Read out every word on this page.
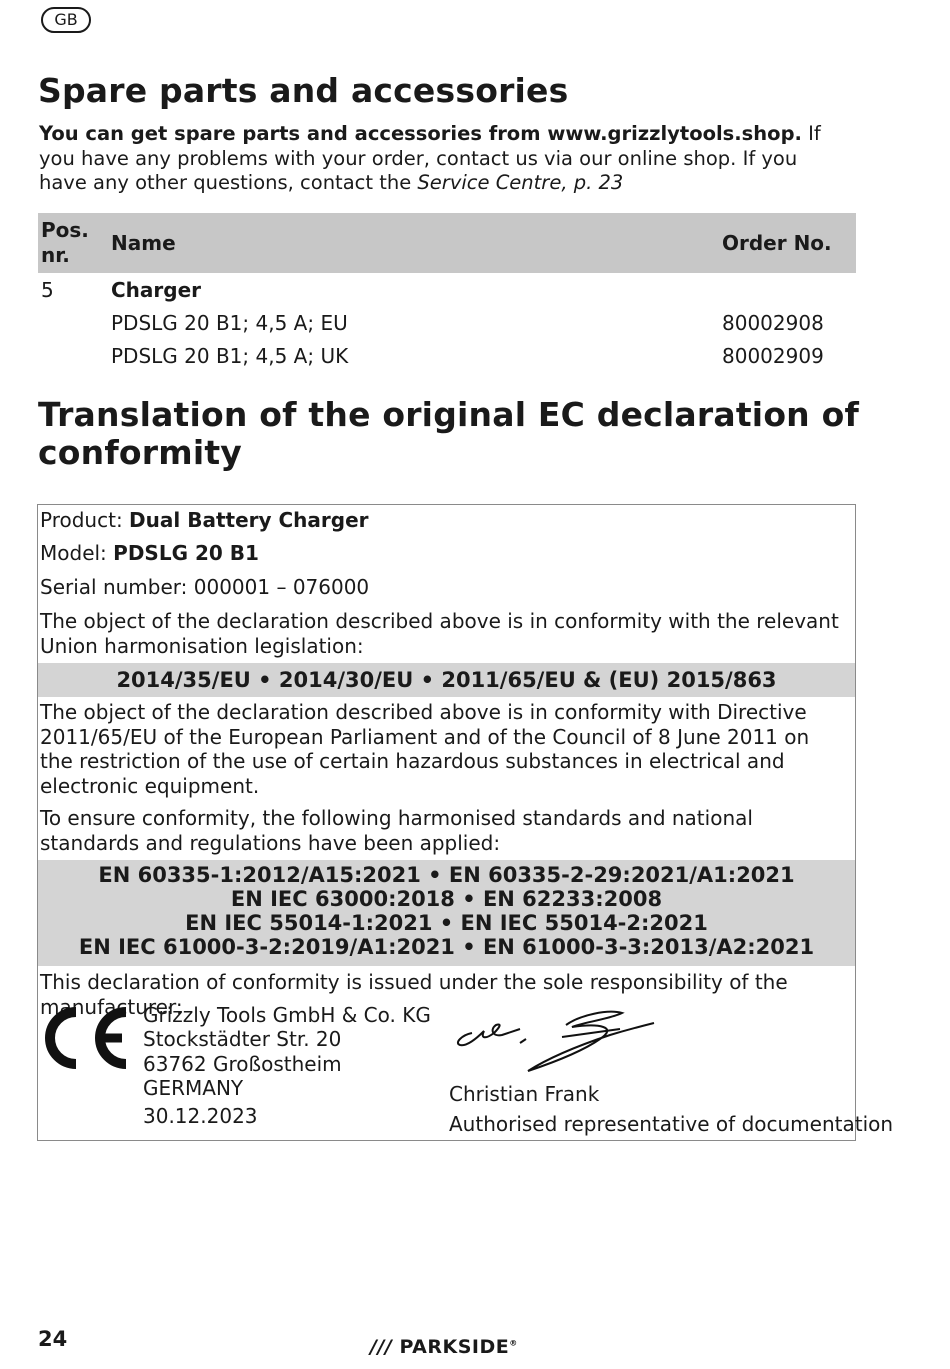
GB
Spare parts and accessories
You can get spare parts and accessories from www.grizzlytools.shop. If you have any problems with your order, contact us via our online shop. If you have any other questions, contact the Service Centre, p. 23
Pos. nr.	Name	Order No.
5	Charger	
	PDSLG 20 B1; 4,5 A; EU	80002908
	PDSLG 20 B1; 4,5 A; UK	80002909
Translation of the original EC declaration of
conformity
Product: Dual Battery Charger
Model: PDSLG 20 B1
Serial number: 000001 – 076000
The object of the declaration described above is in conformity with the relevant Union harmonisation legislation:
2014/35/EU • 2014/30/EU • 2011/65/EU & (EU) 2015/863
The object of the declaration described above is in conformity with Directive 2011/65/EU of the European Parliament and of the Council of 8 June 2011 on the restriction of the use of certain hazardous substances in electrical and electronic equipment.
To ensure conformity, the following harmonised standards and national standards and regulations have been applied:
EN 60335-1:2012/A15:2021 • EN 60335-2-29:2021/A1:2021
EN IEC 63000:2018 • EN 62233:2008
EN IEC 55014-1:2021 • EN IEC 55014-2:2021
EN IEC 61000-3-2:2019/A1:2021 • EN 61000-3-3:2013/A2:2021
This declaration of conformity is issued under the sole responsibility of the manufacturer:
Grizzly Tools GmbH & Co. KG
Stockstädter Str. 20
63762 Großostheim
GERMANY
30.12.2023
Christian Frank
Authorised representative of documentation
24	/// PARKSIDE®
